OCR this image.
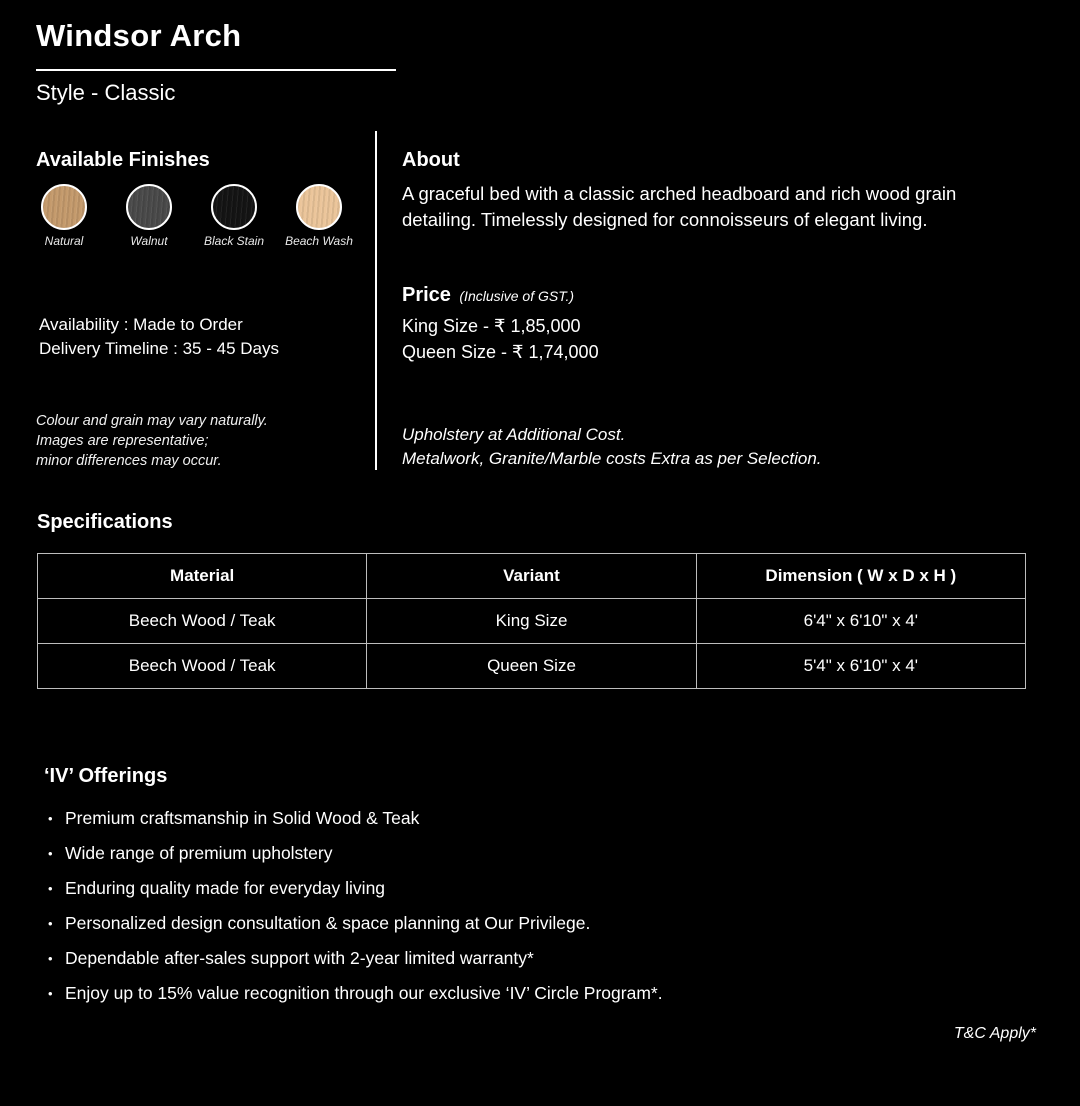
Windsor Arch
Style - Classic
Available Finishes
Natural	Walnut	Black Stain	Beach Wash
Availability : Made to Order
Delivery Timeline : 35 - 45 Days
Colour and grain may vary naturally.
Images are representative;
minor differences may occur.
About
A graceful bed with a classic arched headboard and rich wood grain detailing. Timelessly designed for connoisseurs of elegant living.
Price (Inclusive of GST.)
King Size - ₹ 1,85,000
Queen Size - ₹ 1,74,000
Upholstery at Additional Cost.
Metalwork, Granite/Marble costs Extra as per Selection.
Specifications
Material	Variant	Dimension ( W x D x H )
Beech Wood / Teak	King Size	6'4" x 6'10" x 4'
Beech Wood / Teak	Queen Size	5'4" x 6'10" x 4'
‘IV’ Offerings
• Premium craftsmanship in Solid Wood & Teak
• Wide range of premium upholstery
• Enduring quality made for everyday living
• Personalized design consultation & space planning at Our Privilege.
• Dependable after-sales support with 2-year limited warranty*
• Enjoy up to 15% value recognition through our exclusive ‘IV’ Circle Program*.
T&C Apply*
